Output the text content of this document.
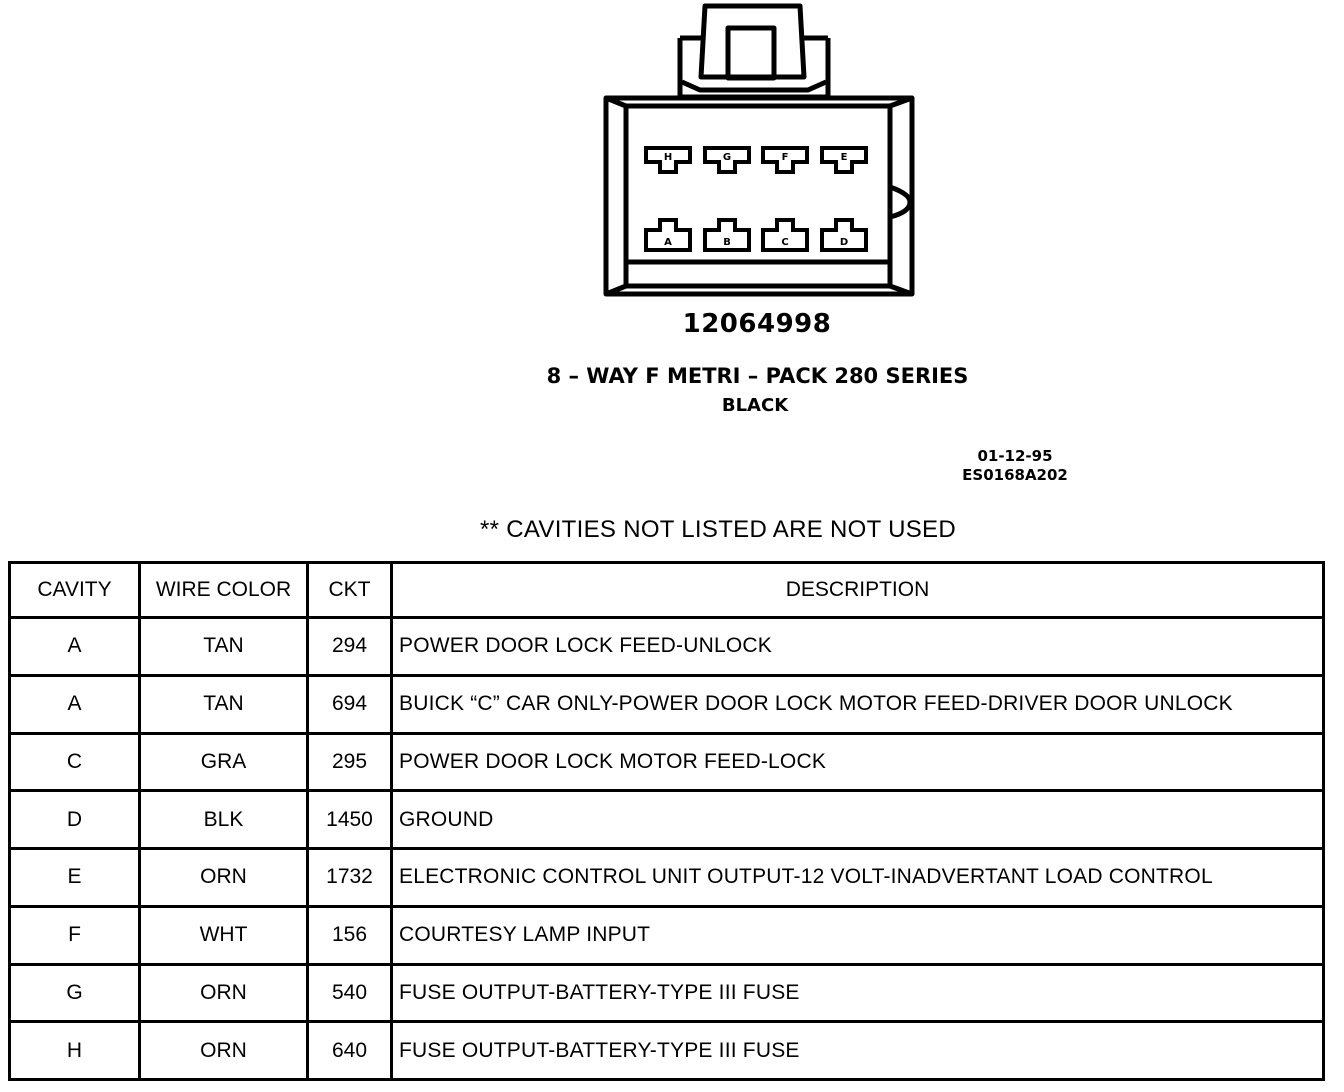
H	G	F	E
A	B	C	D
12064998
8 – WAY F METRI – PACK 280 SERIES
BLACK
01-12-95
ES0168A202
** CAVITIES NOT LISTED ARE NOT USED
CAVITY	WIRE COLOR	CKT	DESCRIPTION
A	TAN	294	POWER DOOR LOCK FEED-UNLOCK
A	TAN	694	BUICK “C” CAR ONLY-POWER DOOR LOCK MOTOR FEED-DRIVER DOOR UNLOCK
C	GRA	295	POWER DOOR LOCK MOTOR FEED-LOCK
D	BLK	1450	GROUND
E	ORN	1732	ELECTRONIC CONTROL UNIT OUTPUT-12 VOLT-INADVERTANT LOAD CONTROL
F	WHT	156	COURTESY LAMP INPUT
G	ORN	540	FUSE OUTPUT-BATTERY-TYPE III FUSE
H	ORN	640	FUSE OUTPUT-BATTERY-TYPE III FUSE
